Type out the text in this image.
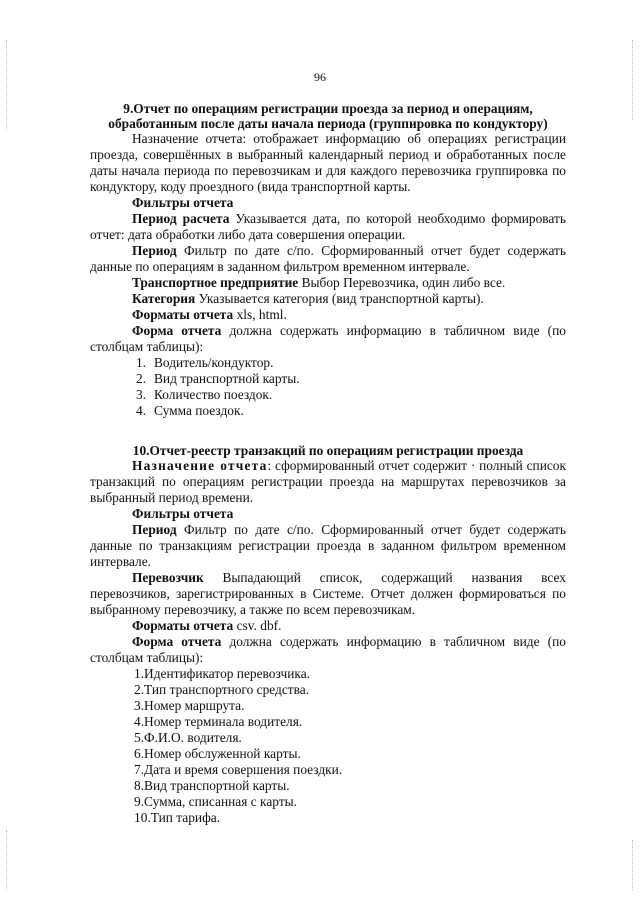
96

9.Отчет по операциям регистрации проезда за период и операциям, обработанным после даты начала периода (группировка по кондуктору)

Назначение отчета: отображает информацию об операциях регистрации проезда, совершённых в выбранный календарный период и обработанных после даты начала периода по перевозчикам и для каждого перевозчика группировка по кондуктору, коду проездного (вида транспортной карты.

Фильтры отчета

Период расчета Указывается дата, по которой необходимо формировать отчет: дата обработки либо дата совершения операции.

Период Фильтр по дате с/по. Сформированный отчет будет содержать данные по операциям в заданном фильтром временном интервале.

Транспортное предприятие Выбор Перевозчика, один либо все.

Категория Указывается категория (вид транспортной карты).

Форматы отчета xls, html.

Форма отчета должна содержать информацию в табличном виде (по столбцам таблицы):

1. Водитель/кондуктор.
2. Вид транспортной карты.
3. Количество поездок.
4. Сумма поездок.

10.Отчет-реестр транзакций по операциям регистрации проезда

Назначение отчета: сформированный отчет содержит · полный список транзакций по операциям регистрации проезда на маршрутах перевозчиков за выбранный период времени.

Фильтры отчета

Период Фильтр по дате с/по. Сформированный отчет будет содержать данные по транзакциям регистрации проезда в заданном фильтром временном интервале.

Перевозчик Выпадающий список, содержащий названия всех перевозчиков, зарегистрированных в Системе. Отчет должен формироваться по выбранному перевозчику, а также по всем перевозчикам.

Форматы отчета csv. dbf.

Форма отчета должна содержать информацию в табличном виде (по столбцам таблицы):

1.Идентификатор перевозчика.
2.Тип транспортного средства.
3.Номер маршрута.
4.Номер терминала водителя.
5.Ф.И.О. водителя.
6.Номер обслуженной карты.
7.Дата и время совершения поездки.
8.Вид транспортной карты.
9.Сумма, списанная с карты.
10.Тип тарифа.
